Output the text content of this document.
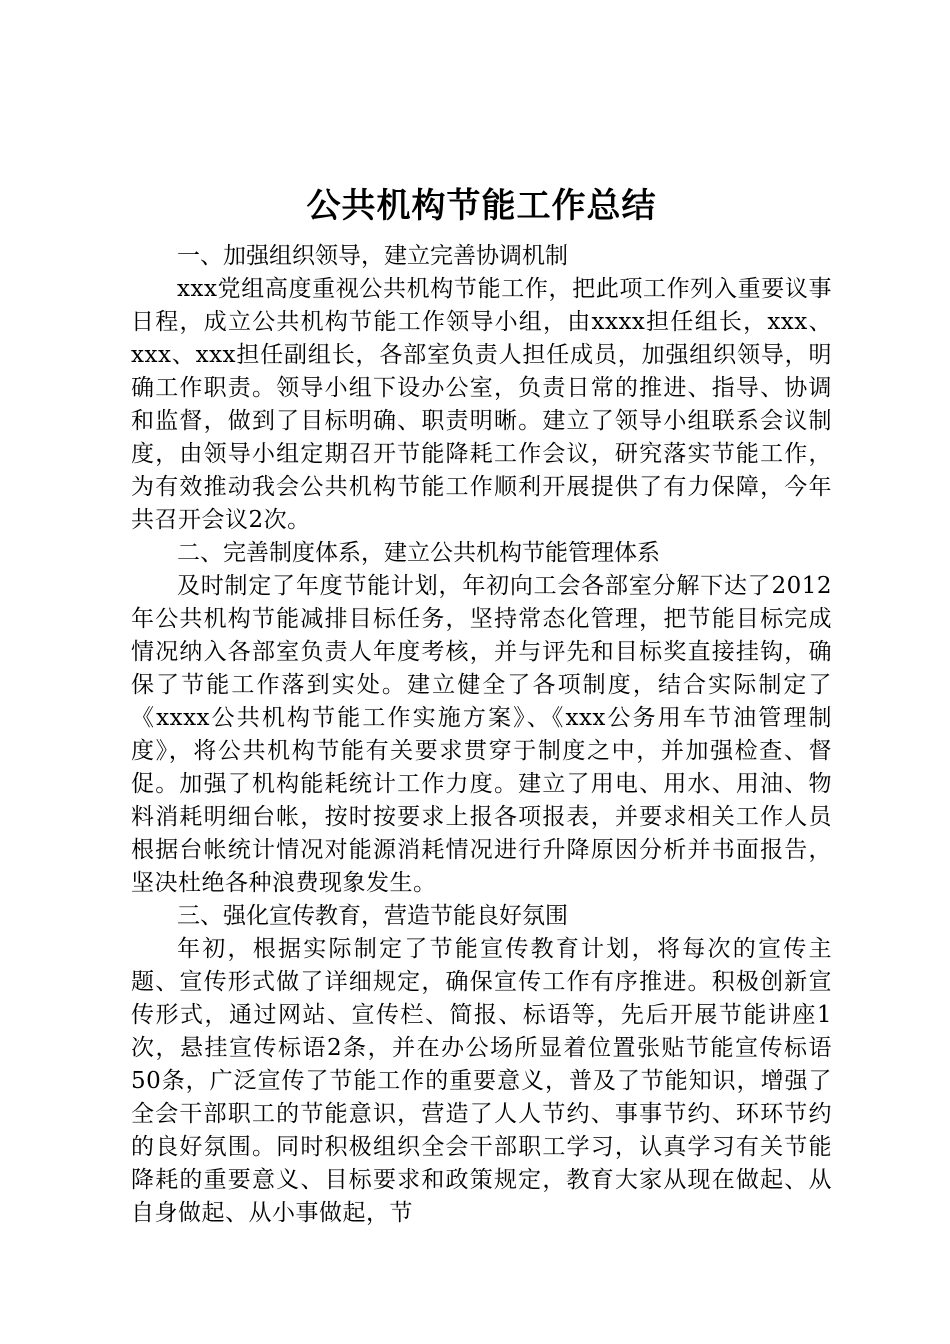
公共机构节能工作总结

一、加强组织领导，建立完善协调机制

xxx党组高度重视公共机构节能工作，把此项工作列入重要议事日程，成立公共机构节能工作领导小组，由xxxx担任组长，xxx、xxx、xxx担任副组长，各部室负责人担任成员，加强组织领导，明确工作职责。领导小组下设办公室，负责日常的推进、指导、协调和监督，做到了目标明确、职责明晰。建立了领导小组联系会议制度，由领导小组定期召开节能降耗工作会议，研究落实节能工作，为有效推动我会公共机构节能工作顺利开展提供了有力保障，今年共召开会议2次。

二、完善制度体系，建立公共机构节能管理体系

及时制定了年度节能计划，年初向工会各部室分解下达了2012年公共机构节能减排目标任务，坚持常态化管理，把节能目标完成情况纳入各部室负责人年度考核，并与评先和目标奖直接挂钩，确保了节能工作落到实处。建立健全了各项制度，结合实际制定了《xxxx公共机构节能工作实施方案》、《xxx公务用车节油管理制度》，将公共机构节能有关要求贯穿于制度之中，并加强检查、督促。加强了机构能耗统计工作力度。建立了用电、用水、用油、物料消耗明细台帐，按时按要求上报各项报表，并要求相关工作人员根据台帐统计情况对能源消耗情况进行升降原因分析并书面报告，坚决杜绝各种浪费现象发生。

三、强化宣传教育，营造节能良好氛围

年初，根据实际制定了节能宣传教育计划，将每次的宣传主题、宣传形式做了详细规定，确保宣传工作有序推进。积极创新宣传形式，通过网站、宣传栏、简报、标语等，先后开展节能讲座1次，悬挂宣传标语2条，并在办公场所显着位置张贴节能宣传标语50条，广泛宣传了节能工作的重要意义，普及了节能知识，增强了全会干部职工的节能意识，营造了人人节约、事事节约、环环节约的良好氛围。同时积极组织全会干部职工学习，认真学习有关节能降耗的重要意义、目标要求和政策规定，教育大家从现在做起、从自身做起、从小事做起，节
